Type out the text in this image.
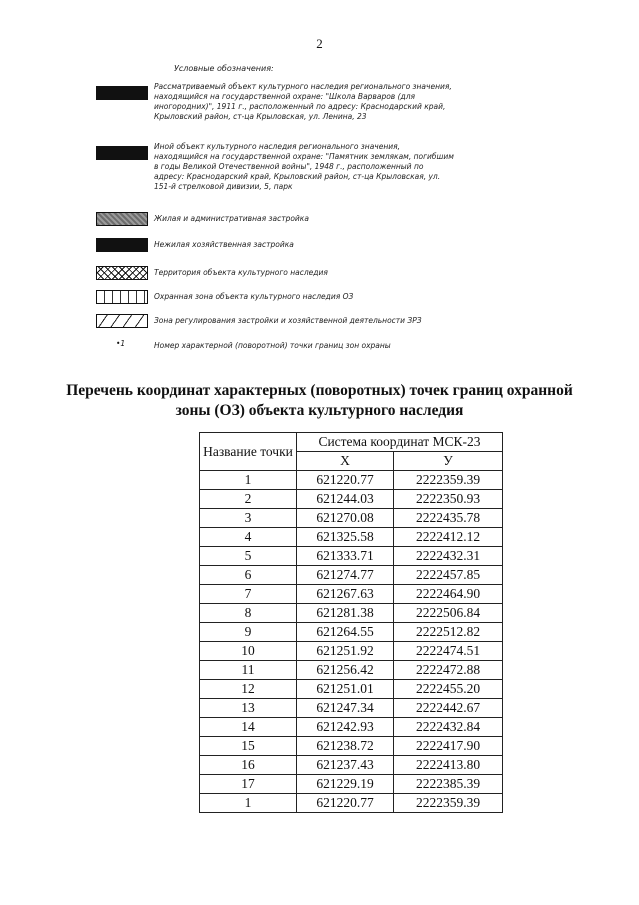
2
Условные обозначения:
Рассматриваемый объект культурного наследия регионального значения, находящийся на государственной охране: "Школа Варваров (для иногородних)", 1911 г., расположенный по адресу: Краснодарский край, Крыловский район, ст-ца Крыловская, ул. Ленина, 23
Иной объект культурного наследия регионального значения, находящийся на государственной охране: "Памятник землякам, погибшим в годы Великой Отечественной войны", 1948 г., расположенный по адресу: Краснодарский край, Крыловский район, ст-ца Крыловская, ул. 151-й стрелковой дивизии, 5, парк
Жилая и административная застройка
Нежилая хозяйственная застройка
Территория объекта культурного наследия
Охранная зона объекта культурного наследия ОЗ
Зона регулирования застройки и хозяйственной деятельности ЗРЗ
•1	Номер характерной (поворотной) точки границ зон охраны
Перечень координат характерных (поворотных) точек границ охранной
зоны (ОЗ) объекта культурного наследия
Название точки	Система координат МСК-23	
	X	У
1	621220.77	2222359.39
2	621244.03	2222350.93
3	621270.08	2222435.78
4	621325.58	2222412.12
5	621333.71	2222432.31
6	621274.77	2222457.85
7	621267.63	2222464.90
8	621281.38	2222506.84
9	621264.55	2222512.82
10	621251.92	2222474.51
11	621256.42	2222472.88
12	621251.01	2222455.20
13	621247.34	2222442.67
14	621242.93	2222432.84
15	621238.72	2222417.90
16	621237.43	2222413.80
17	621229.19	2222385.39
1	621220.77	2222359.39
